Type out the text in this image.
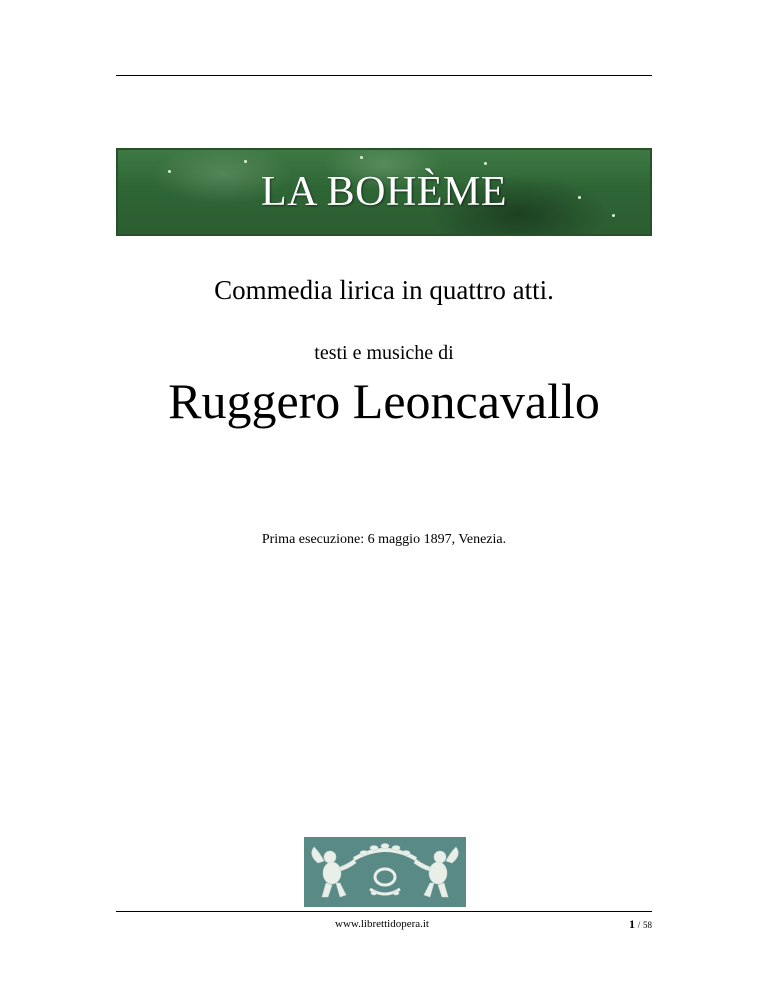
LA BOHÈME
Commedia lirica in quattro atti.
testi e musiche di
Ruggero Leoncavallo
Prima esecuzione: 6 maggio 1897, Venezia.
www.librettidopera.it	1 / 58
